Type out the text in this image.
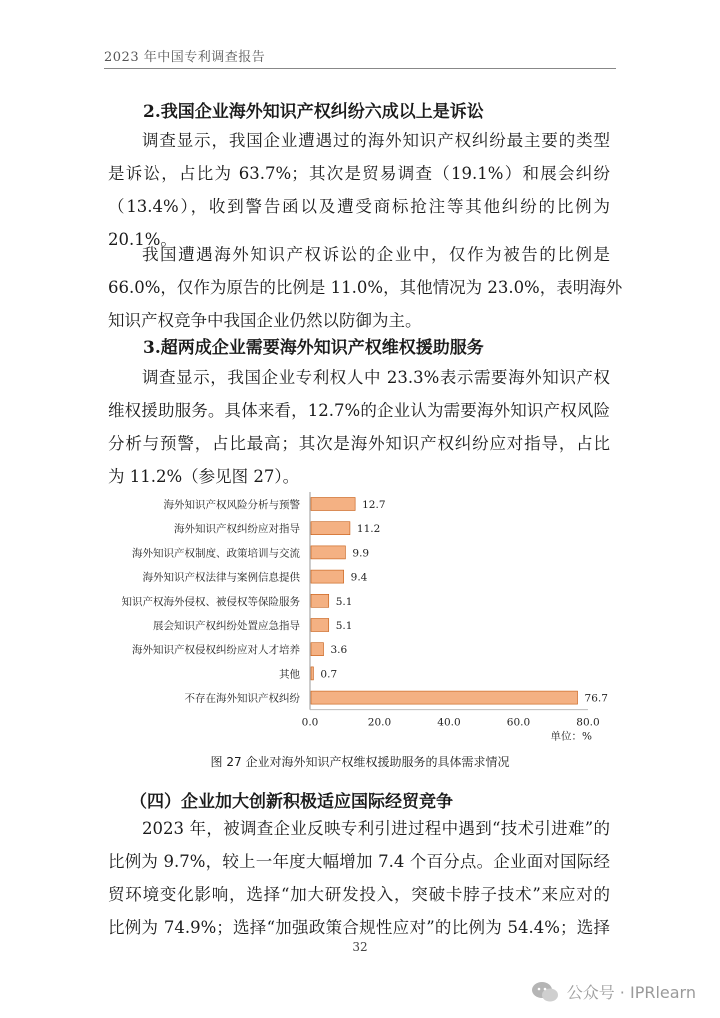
2023 年中国专利调查报告
2.我国企业海外知识产权纠纷六成以上是诉讼
调查显示，我国企业遭遇过的海外知识产权纠纷最主要的类型
是诉讼，占比为 63.7%；其次是贸易调查（19.1%）和展会纠纷
（13.4%），收到警告函以及遭受商标抢注等其他纠纷的比例为
20.1%。
我国遭遇海外知识产权诉讼的企业中，仅作为被告的比例是
66.0%，仅作为原告的比例是 11.0%，其他情况为 23.0%，表明海外
知识产权竞争中我国企业仍然以防御为主。
3.超两成企业需要海外知识产权维权援助服务
调查显示，我国企业专利权人中 23.3%表示需要海外知识产权
维权援助服务。具体来看，12.7%的企业认为需要海外知识产权风险
分析与预警，占比最高；其次是海外知识产权纠纷应对指导，占比
为 11.2%（参见图 27）。
海外知识产权风险分析与预警	12.7
海外知识产权纠纷应对指导	11.2
海外知识产权制度、政策培训与交流	9.9
海外知识产权法律与案例信息提供	9.4
知识产权海外侵权、被侵权等保险服务	5.1
展会知识产权纠纷处置应急指导	5.1
海外知识产权侵权纠纷应对人才培养	3.6
其他 0.7
不存在海外知识产权纠纷	76.7
0.0	20.0	40.0	60.0	80.0
单位：%
图 27 企业对海外知识产权维权援助服务的具体需求情况
（四）企业加大创新积极适应国际经贸竞争
2023 年，被调查企业反映专利引进过程中遇到“技术引进难”的
比例为 9.7%，较上一年度大幅增加 7.4 个百分点。企业面对国际经
贸环境变化影响，选择“加大研发投入，突破卡脖子技术”来应对的
比例为 74.9%；选择“加强政策合规性应对”的比例为 54.4%；选择
32
公众号 · IPRlearn
